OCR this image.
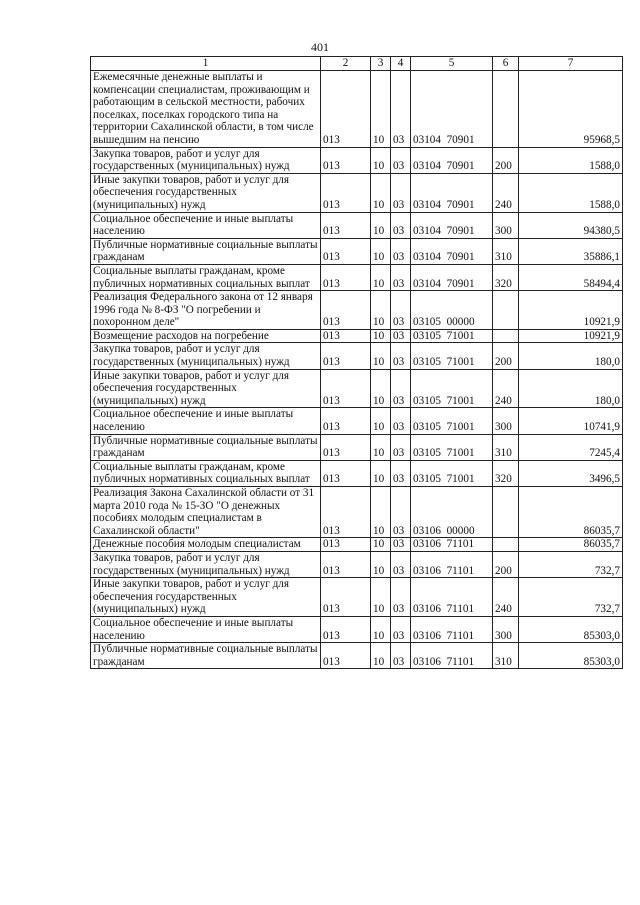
401
1	2	3	4	5	6	7
Ежемесячные денежные выплаты и компенсации специалистам, проживающим и работающим в сельской местности, рабочих поселках, поселках городского типа на территории Сахалинской области, в том числе вышедшим на пенсию	013	10	03	03104  70901		95968,5
Закупка товаров, работ и услуг для государственных (муниципальных) нужд	013	10	03	03104  70901	200	1588,0
Иные закупки товаров, работ и услуг для обеспечения государственных (муниципальных) нужд	013	10	03	03104  70901	240	1588,0
Социальное обеспечение и иные выплаты населению	013	10	03	03104  70901	300	94380,5
Публичные нормативные социальные выплаты гражданам	013	10	03	03104  70901	310	35886,1
Социальные выплаты гражданам, кроме публичных нормативных социальных выплат	013	10	03	03104  70901	320	58494,4
Реализация Федерального закона от 12 января 1996 года № 8-ФЗ "О погребении и похоронном деле"	013	10	03	03105  00000		10921,9
Возмещение расходов на погребение	013	10	03	03105  71001		10921,9
Закупка товаров, работ и услуг для государственных (муниципальных) нужд	013	10	03	03105  71001	200	180,0
Иные закупки товаров, работ и услуг для обеспечения государственных (муниципальных) нужд	013	10	03	03105  71001	240	180,0
Социальное обеспечение и иные выплаты населению	013	10	03	03105  71001	300	10741,9
Публичные нормативные социальные выплаты гражданам	013	10	03	03105  71001	310	7245,4
Социальные выплаты гражданам, кроме публичных нормативных социальных выплат	013	10	03	03105  71001	320	3496,5
Реализация Закона Сахалинской области от 31 марта 2010 года № 15-ЗО "О денежных пособиях молодым специалистам в Сахалинской области"	013	10	03	03106  00000		86035,7
Денежные пособия молодым специалистам	013	10	03	03106  71101		86035,7
Закупка товаров, работ и услуг для государственных (муниципальных) нужд	013	10	03	03106  71101	200	732,7
Иные закупки товаров, работ и услуг для обеспечения государственных (муниципальных) нужд	013	10	03	03106  71101	240	732,7
Социальное обеспечение и иные выплаты населению	013	10	03	03106  71101	300	85303,0
Публичные нормативные социальные выплаты гражданам	013	10	03	03106  71101	310	85303,0
